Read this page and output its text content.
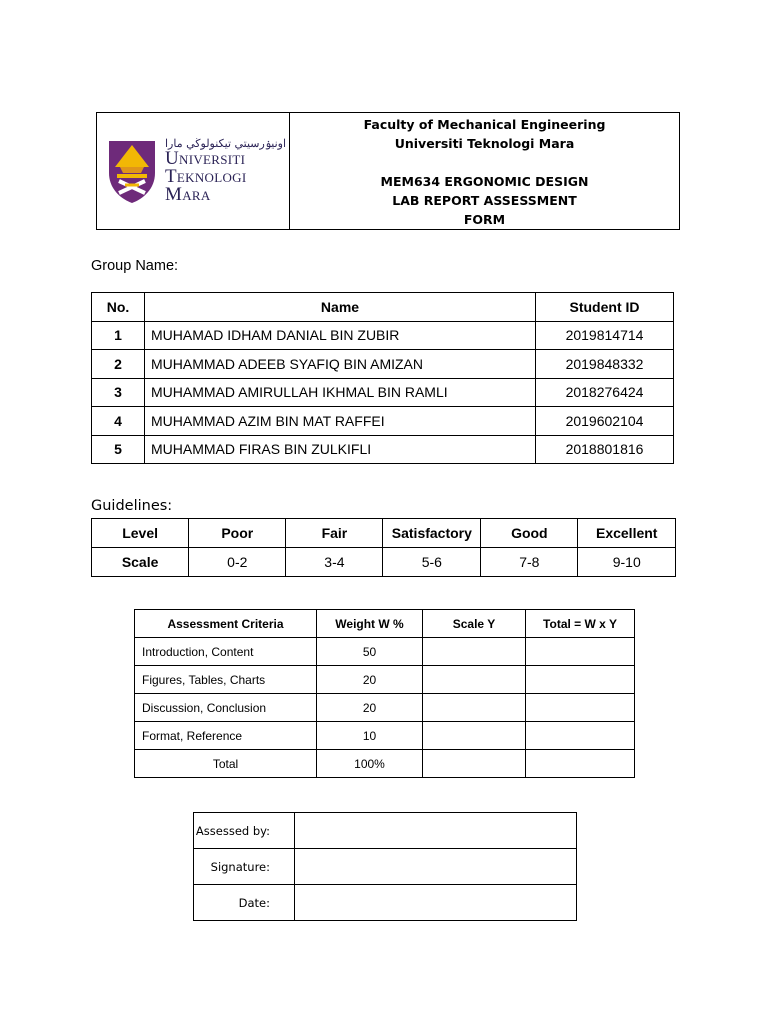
اونيۏرسيتي تيكنولوڬي مارا
Universiti
Teknologi
Mara

Faculty of Mechanical Engineering
Universiti Teknologi Mara

MEM634 ERGONOMIC DESIGN
LAB REPORT ASSESSMENT
FORM
Group Name:
No.	Name	Student ID
1	MUHAMAD IDHAM DANIAL BIN ZUBIR	2019814714
2	MUHAMMAD ADEEB SYAFIQ BIN AMIZAN	2019848332
3	MUHAMMAD AMIRULLAH IKHMAL BIN RAMLI	2018276424
4	MUHAMMAD AZIM BIN MAT RAFFEI	2019602104
5	MUHAMMAD FIRAS BIN ZULKIFLI	2018801816
Guidelines:
Level	Poor	Fair	Satisfactory	Good	Excellent
Scale	0-2	3-4	5-6	7-8	9-10
Assessment Criteria	Weight W %	Scale Y	Total = W x Y
Introduction, Content	50		
Figures, Tables, Charts	20		
Discussion, Conclusion	20		
Format, Reference	10		
Total	100%		
Assessed by:	
Signature:	
Date:	
